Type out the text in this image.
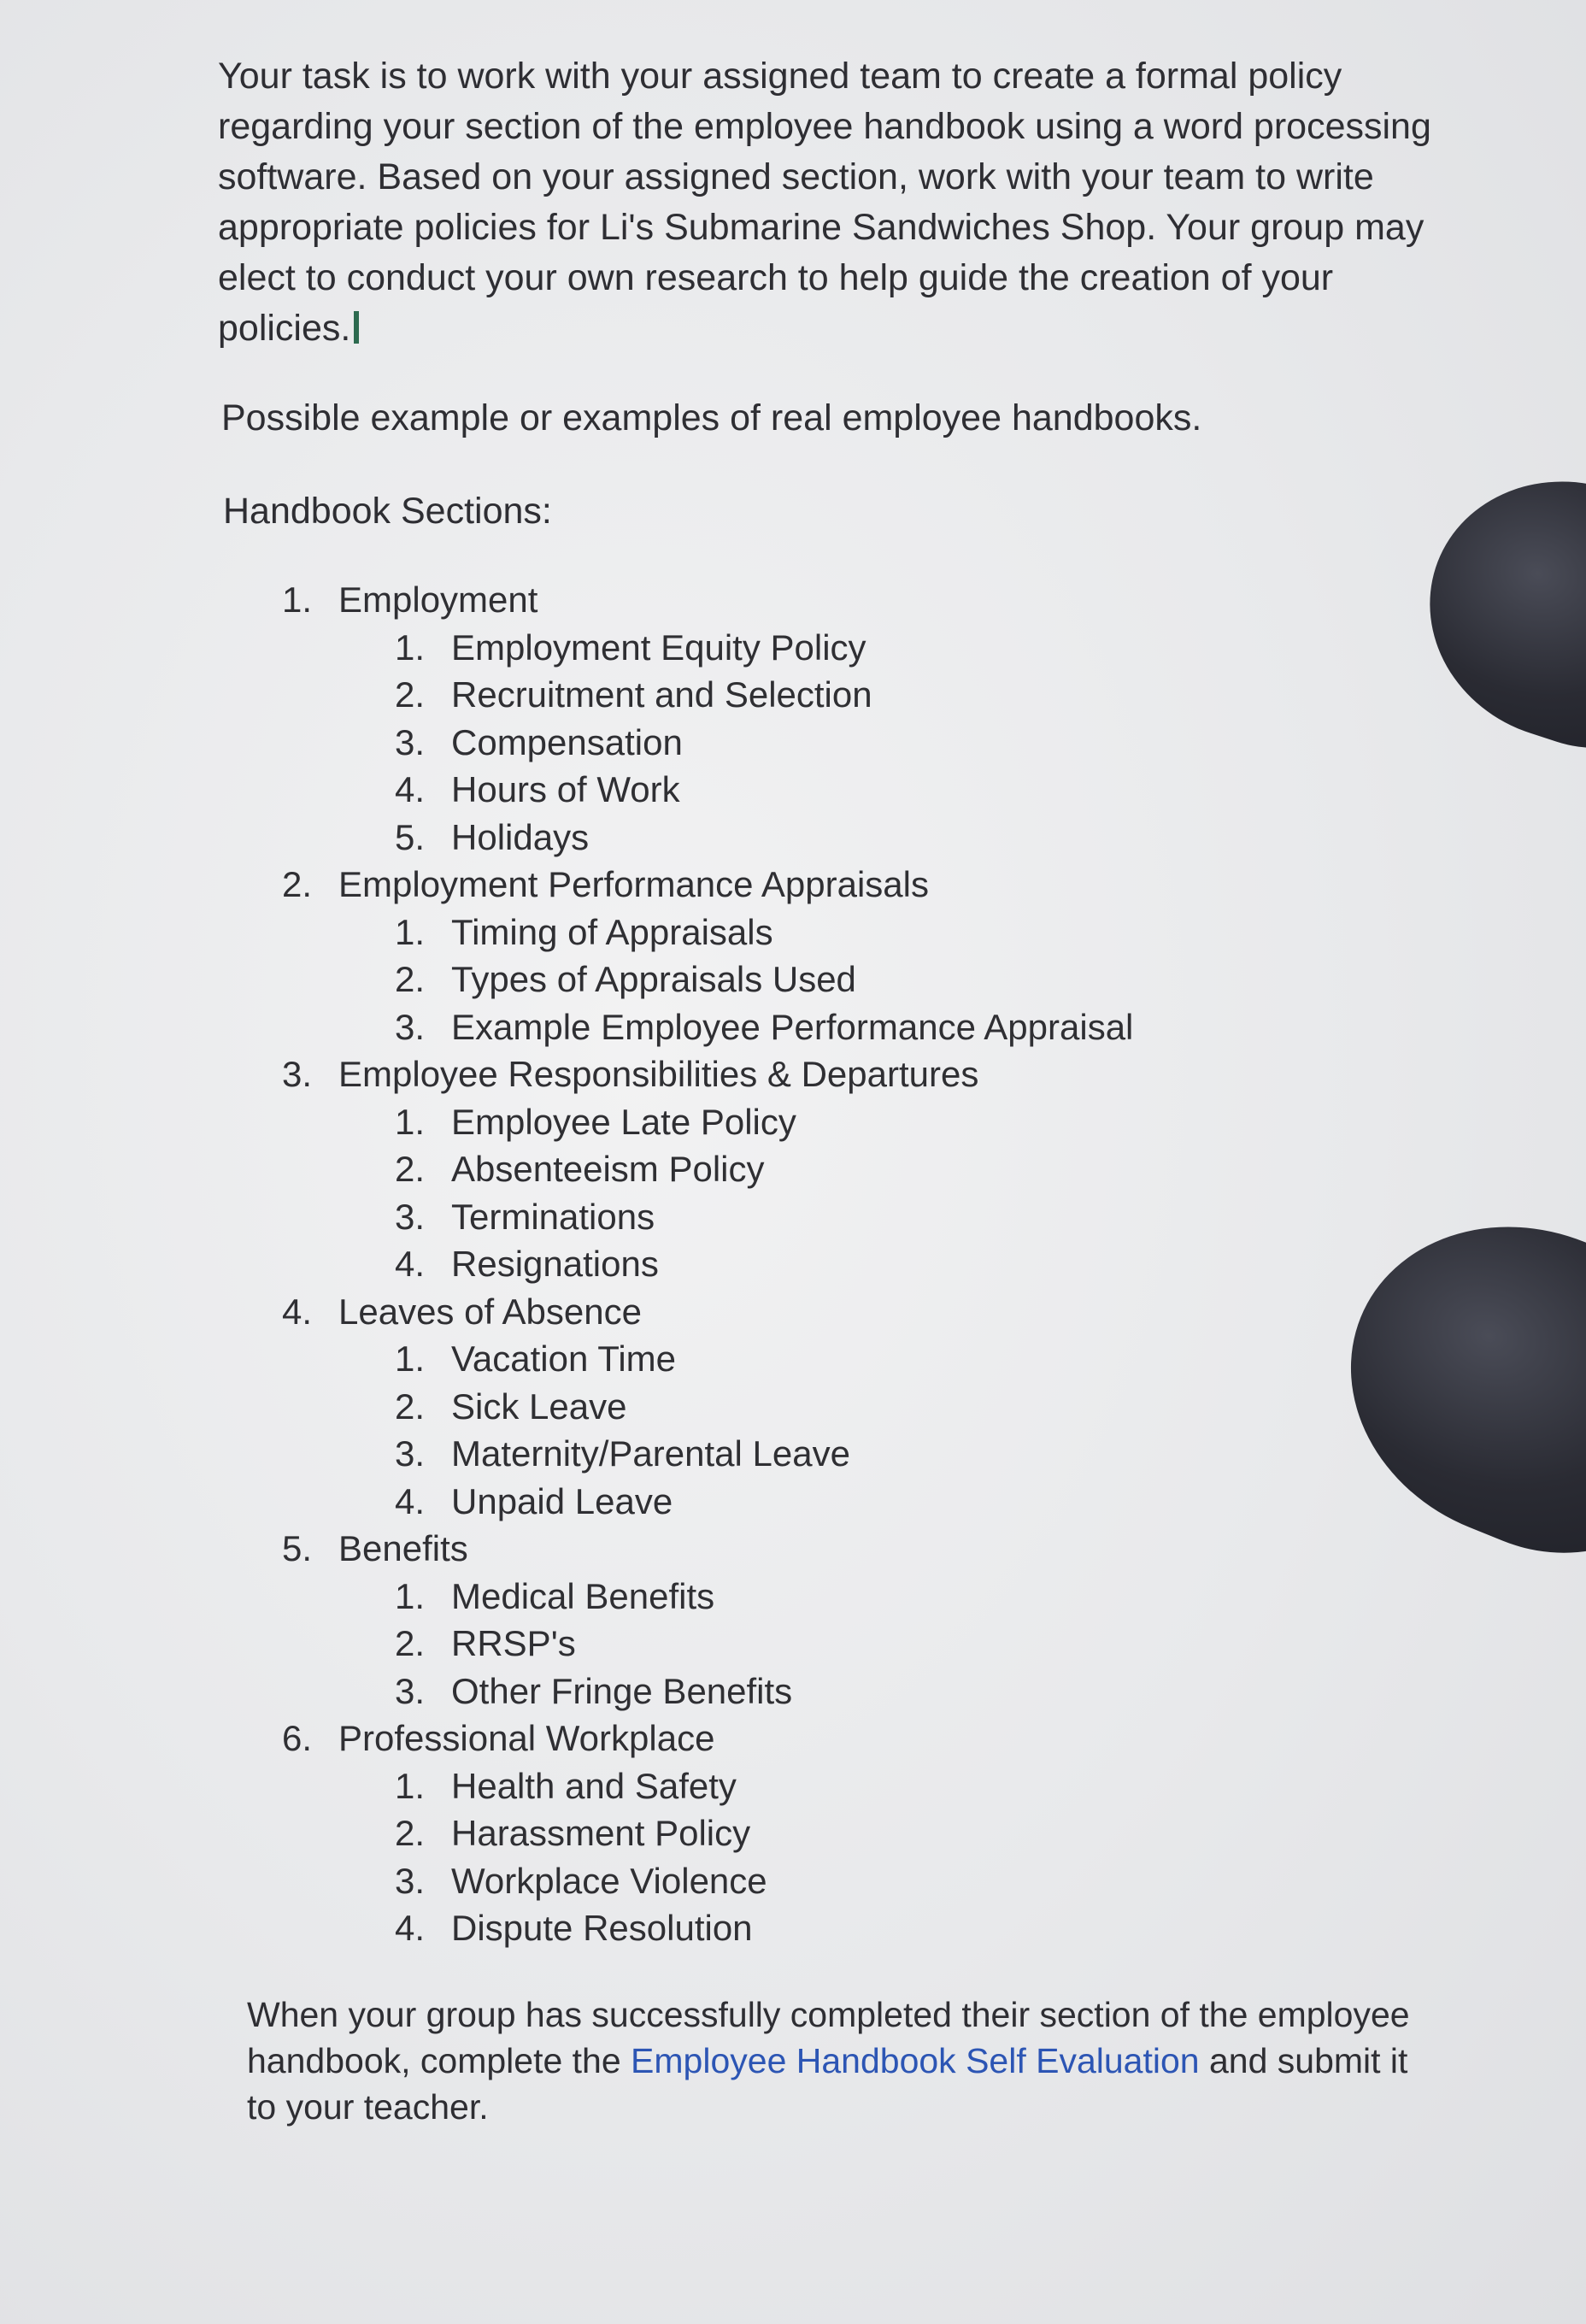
Your task is to work with your assigned team to create a formal policy regarding your section of the employee handbook using a word processing software. Based on your assigned section, work with your team to write appropriate policies for Li's Submarine Sandwiches Shop. Your group may elect to conduct your own research to help guide the creation of your policies.

Possible example or examples of real employee handbooks.

Handbook Sections:

1. Employment
1. Employment Equity Policy
2. Recruitment and Selection
3. Compensation
4. Hours of Work
5. Holidays
2. Employment Performance Appraisals
1. Timing of Appraisals
2. Types of Appraisals Used
3. Example Employee Performance Appraisal
3. Employee Responsibilities & Departures
1. Employee Late Policy
2. Absenteeism Policy
3. Terminations
4. Resignations
4. Leaves of Absence
1. Vacation Time
2. Sick Leave
3. Maternity/Parental Leave
4. Unpaid Leave
5. Benefits
1. Medical Benefits
2. RRSP's
3. Other Fringe Benefits
6. Professional Workplace
1. Health and Safety
2. Harassment Policy
3. Workplace Violence
4. Dispute Resolution

When your group has successfully completed their section of the employee handbook, complete the Employee Handbook Self Evaluation and submit it to your teacher.
